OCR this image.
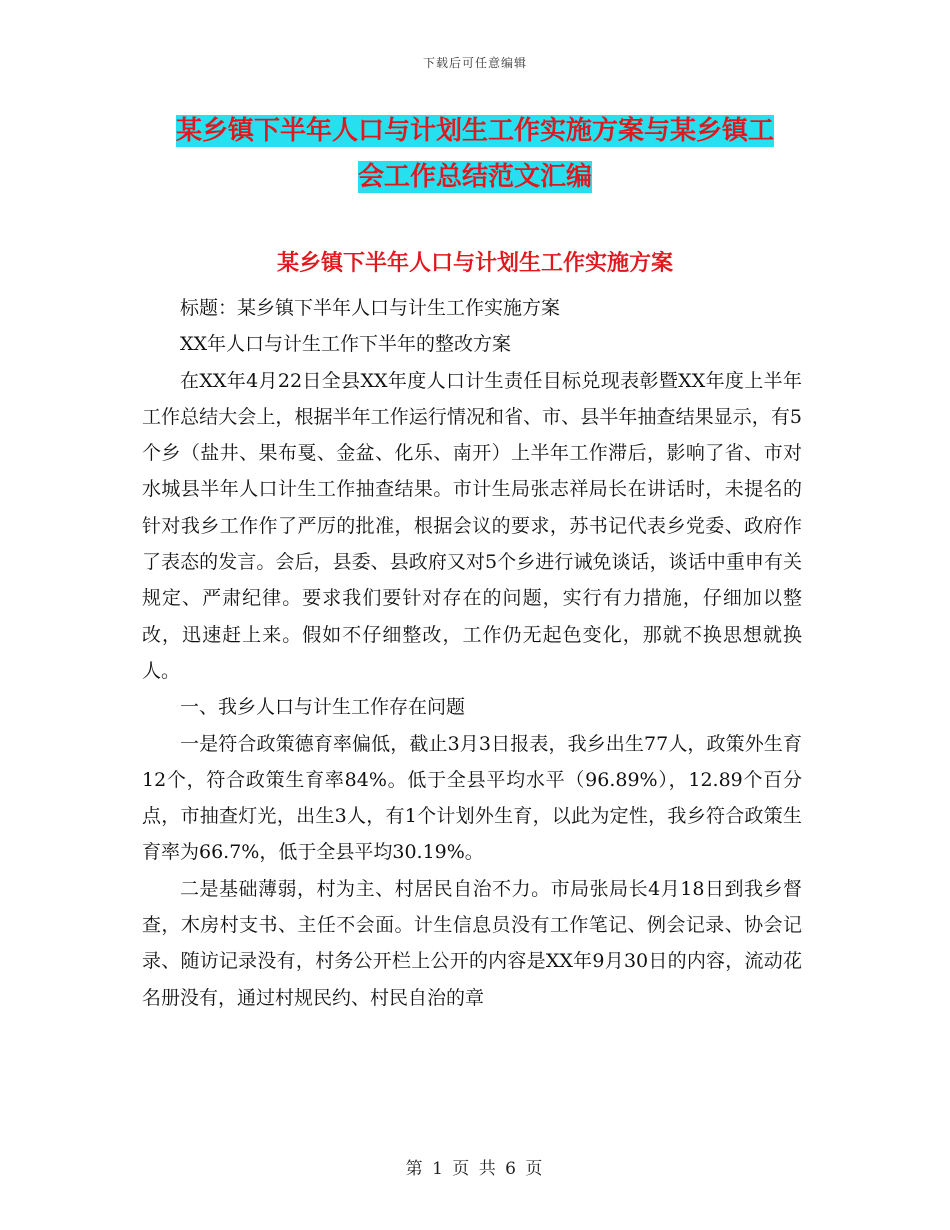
下载后可任意编辑
某乡镇下半年人口与计划生工作实施方案与某乡镇工
会工作总结范文汇编
某乡镇下半年人口与计划生工作实施方案

标题：某乡镇下半年人口与计生工作实施方案

XX年人口与计生工作下半年的整改方案

在XX年4月22日全县XX年度人口计生责任目标兑现表彰暨XX年度上半年工作总结大会上，根据半年工作运行情况和省、市、县半年抽查结果显示，有5个乡（盐井、果布戛、金盆、化乐、南开）上半年工作滞后，影响了省、市对水城县半年人口计生工作抽查结果。市计生局张志祥局长在讲话时，未提名的针对我乡工作作了严厉的批准，根据会议的要求，苏书记代表乡党委、政府作了表态的发言。会后，县委、县政府又对5个乡进行诫免谈话，谈话中重申有关规定、严肃纪律。要求我们要针对存在的问题，实行有力措施，仔细加以整改，迅速赶上来。假如不仔细整改，工作仍无起色变化，那就不换思想就换人。

一、我乡人口与计生工作存在问题

一是符合政策德育率偏低，截止3月3日报表，我乡出生77人，政策外生育12个，符合政策生育率84%。低于全县平均水平（96.89%），12.89个百分点，市抽查灯光，出生3人，有1个计划外生育，以此为定性，我乡符合政策生育率为66.7%，低于全县平均30.19%。

二是基础薄弱，村为主、村居民自治不力。市局张局长4月18日到我乡督查，木房村支书、主任不会面。计生信息员没有工作笔记、例会记录、协会记录、随访记录没有，村务公开栏上公开的内容是XX年9月30日的内容，流动花名册没有，通过村规民约、村民自治的章

第 1 页 共 6 页
